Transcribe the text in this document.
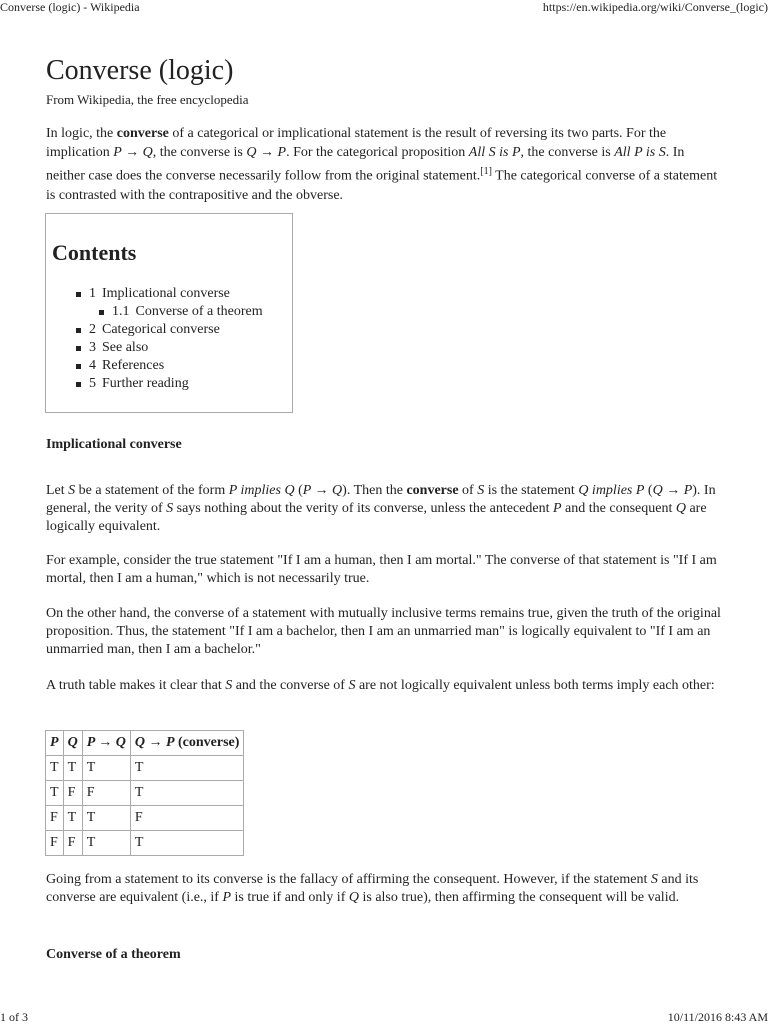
Converse (logic) - Wikipedia	https://en.wikipedia.org/wiki/Converse_(logic)
Converse (logic)
From Wikipedia, the free encyclopedia

In logic, the converse of a categorical or implicational statement is the result of reversing its two parts. For the implication P → Q, the converse is Q → P. For the categorical proposition All S is P, the converse is All P is S. In neither case does the converse necessarily follow from the original statement.[1] The categorical converse of a statement is contrasted with the contrapositive and the obverse.

Contents
1 Implicational converse
1.1 Converse of a theorem
2 Categorical converse
3 See also
4 References
5 Further reading
Implicational converse

Let S be a statement of the form P implies Q (P → Q). Then the converse of S is the statement Q implies P (Q → P). In general, the verity of S says nothing about the verity of its converse, unless the antecedent P and the consequent Q are logically equivalent.

For example, consider the true statement "If I am a human, then I am mortal." The converse of that statement is "If I am mortal, then I am a human," which is not necessarily true.

On the other hand, the converse of a statement with mutually inclusive terms remains true, given the truth of the original proposition. Thus, the statement "If I am a bachelor, then I am an unmarried man" is logically equivalent to "If I am an unmarried man, then I am a bachelor."

A truth table makes it clear that S and the converse of S are not logically equivalent unless both terms imply each other:

P	Q	P → Q	Q → P (converse)
T	T	T	T
T	F	F	T
F	T	T	F
F	F	T	T

Going from a statement to its converse is the fallacy of affirming the consequent. However, if the statement S and its converse are equivalent (i.e., if P is true if and only if Q is also true), then affirming the consequent will be valid.

Converse of a theorem
1 of 3	10/11/2016 8:43 AM
